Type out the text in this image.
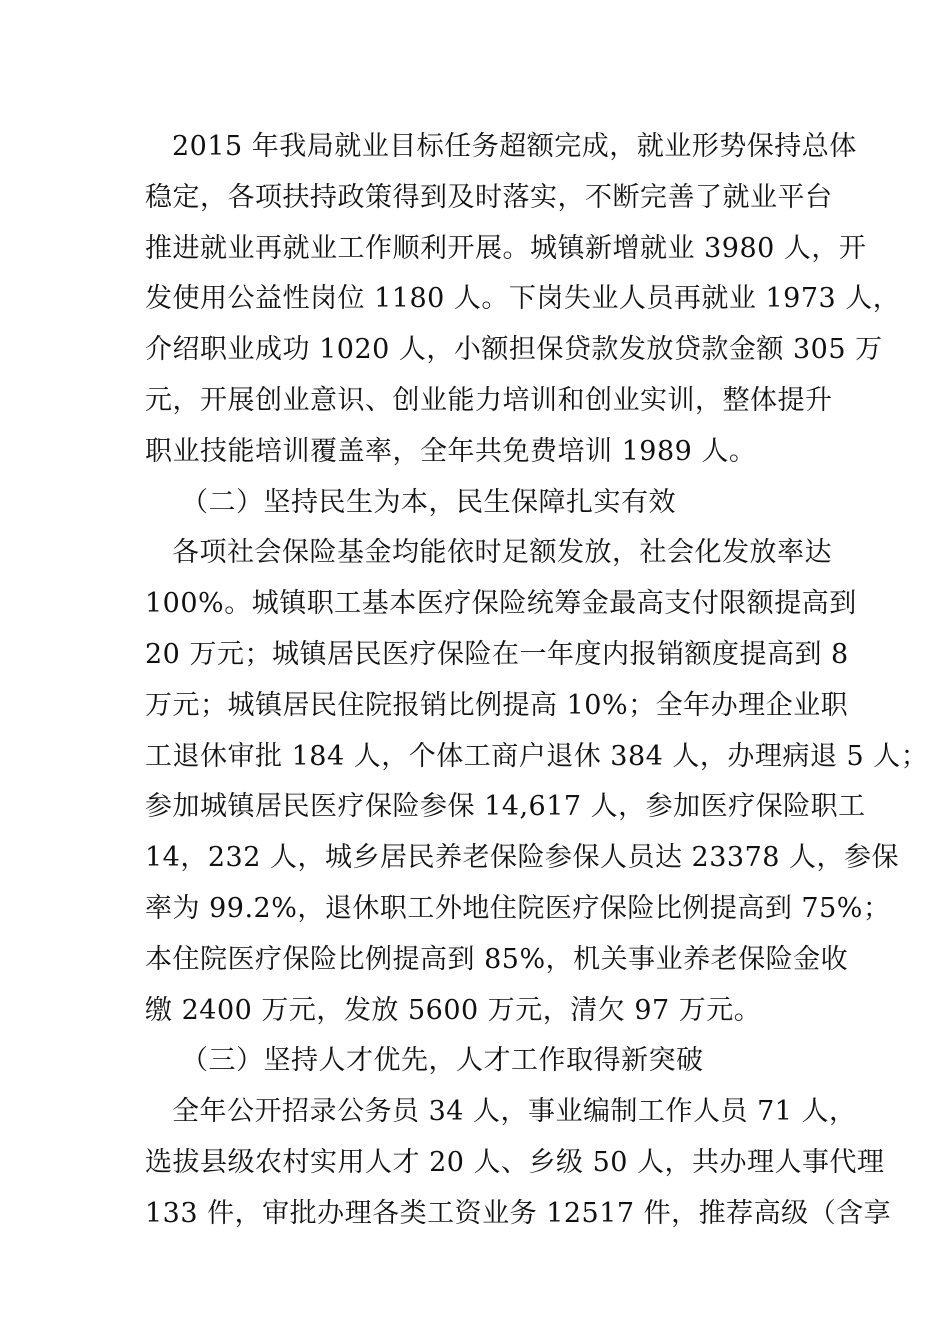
2015 年我局就业目标任务超额完成，就业形势保持总体
稳定，各项扶持政策得到及时落实，不断完善了就业平台
推进就业再就业工作顺利开展。城镇新增就业 3980 人，开
发使用公益性岗位 1180 人。下岗失业人员再就业 1973 人，
介绍职业成功 1020 人，小额担保贷款发放贷款金额 305 万
元，开展创业意识、创业能力培训和创业实训，整体提升
职业技能培训覆盖率，全年共免费培训 1989 人。
（二）坚持民生为本，民生保障扎实有效
各项社会保险基金均能依时足额发放，社会化发放率达
100%。城镇职工基本医疗保险统筹金最高支付限额提高到
20 万元；城镇居民医疗保险在一年度内报销额度提高到 8
万元；城镇居民住院报销比例提高 10%；全年办理企业职
工退休审批 184 人，个体工商户退休 384 人，办理病退 5 人；
参加城镇居民医疗保险参保 14,617 人，参加医疗保险职工
14，232 人，城乡居民养老保险参保人员达 23378 人，参保
率为 99.2%，退休职工外地住院医疗保险比例提高到 75%；
本住院医疗保险比例提高到 85%，机关事业养老保险金收
缴 2400 万元，发放 5600 万元，清欠 97 万元。
（三）坚持人才优先，人才工作取得新突破
全年公开招录公务员 34 人，事业编制工作人员 71 人，
选拔县级农村实用人才 20 人、乡级 50 人，共办理人事代理
133 件，审批办理各类工资业务 12517 件，推荐高级（含享
